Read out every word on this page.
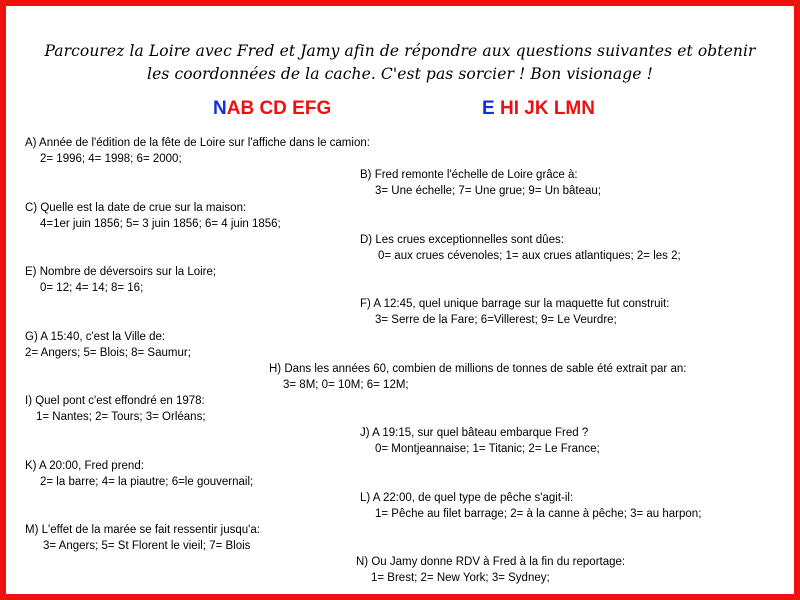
Parcourez la Loire avec Fred et Jamy afin de répondre aux questions suivantes et obtenir
les coordonnées de la cache. C'est pas sorcier ! Bon visionage !
NAB CD EFG	E HI JK LMN
A) Année de l'édition de la fête de Loire sur l'affiche dans le camion:
2= 1996; 4= 1998; 6= 2000;
B) Fred remonte l'échelle de Loire grâce à:
3= Une échelle; 7= Une grue; 9= Un bâteau;
C) Quelle est la date de crue sur la maison:
4=1er juin 1856; 5= 3 juin 1856; 6= 4 juin 1856;
D) Les crues exceptionnelles sont dûes:
0= aux crues cévenoles; 1= aux crues atlantiques; 2= les 2;
E) Nombre de déversoirs sur la Loire;
0= 12; 4= 14; 8= 16;
F) A 12:45, quel unique barrage sur la maquette fut construit:
3= Serre de la Fare; 6=Villerest; 9= Le Veurdre;
G) A 15:40, c'est la Ville de:
2= Angers; 5= Blois; 8= Saumur;
H) Dans les années 60, combien de millions de tonnes de sable été extrait par an:
3= 8M; 0= 10M; 6= 12M;
I) Quel pont c'est effondré en 1978:
1= Nantes; 2= Tours; 3= Orléans;
J) A 19:15, sur quel bâteau embarque Fred ?
0= Montjeannaise; 1= Titanic; 2= Le France;
K) A 20:00, Fred prend:
2= la barre; 4= la piautre; 6=le gouvernail;
L) A 22:00, de quel type de pêche s'agit-il:
1= Pêche au filet barrage; 2= à la canne à pêche; 3= au harpon;
M) L'effet de la marée se fait ressentir jusqu'a:
3= Angers; 5= St Florent le vieil; 7= Blois
N) Ou Jamy donne RDV à Fred à la fin du reportage:
1= Brest; 2= New York; 3= Sydney;
